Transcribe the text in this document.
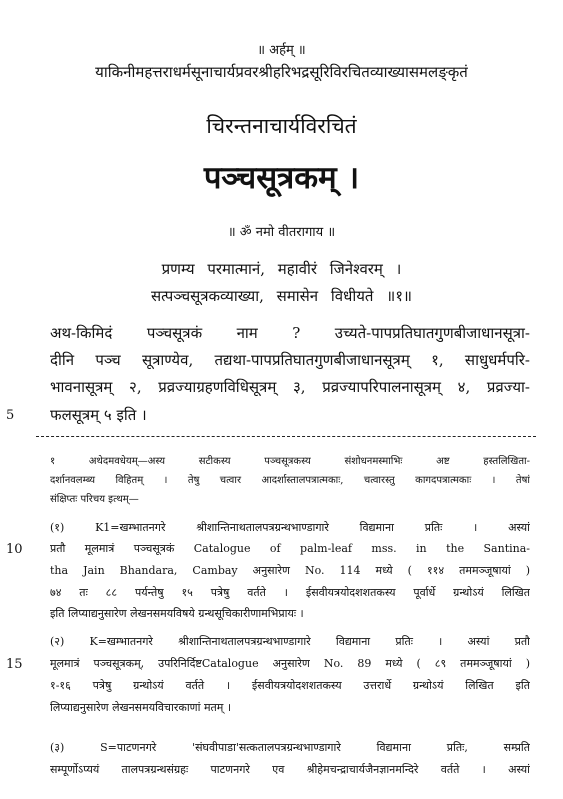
॥ अर्हम् ॥
याकिनीमहत्तराधर्मसूनाचार्यप्रवरश्रीहरिभद्रसूरिविरचितव्याख्यासमलङ्कृतं
चिरन्तनाचार्यविरचितं
पञ्चसूत्रकम् ।
॥ ॐ नमो वीतरागाय ॥
प्रणम्य परमात्मानं, महावीरं जिनेश्वरम् ।
सत्पञ्चसूत्रकव्याख्या, समासेन विधीयते ॥१॥
अथ-किमिदं पञ्चसूत्रकं नाम ? उच्यते-पापप्रतिघातगुणबीजाधानसूत्रा-
दीनि पञ्च सूत्राण्येव, तद्यथा-पापप्रतिघातगुणबीजाधानसूत्रम् १, साधुधर्मपरि-
भावनासूत्रम् २, प्रव्रज्याग्रहणविधिसूत्रम् ३, प्रव्रज्यापरिपालनासूत्रम् ४, प्रव्रज्या-
फलसूत्रम् ५ इति ।
5
१ अथेदमवधेयम्—अस्य सटीकस्य पञ्चसूत्रकस्य संशोधनमस्माभिः अष्ट हस्तलिखिता-
दर्शानवलम्ब्य विहितम् । तेषु चत्वार आदर्शास्तालपत्रात्मकाः, चत्वारस्तु कागदपत्रात्मकाः । तेषां
संक्षिप्तः परिचय इत्थम्—
(१) K1=खम्भातनगरे श्रीशान्तिनाथतालपत्रग्रन्थभाण्डागारे विद्यमाना प्रतिः । अस्यां
प्रतौ मूलमात्रं पञ्चसूत्रकं Catalogue of palm-leaf mss. in the Santina-
tha Jain Bhandara, Cambay अनुसारेण No. 114 मध्ये ( ११४ तममञ्जूषायां )
७४ तः ८८ पर्यन्तेषु १५ पत्रेषु वर्तते । ईसवीयत्रयोदशशतकस्य पूर्वार्धे ग्रन्थोऽयं लिखित
इति लिप्याद्यनुसारेण लेखनसमयविषये ग्रन्थसूचिकारीणामभिप्रायः ।
10
(२) K=खम्भातनगरे श्रीशान्तिनाथतालपत्रग्रन्थभाण्डागारे विद्यमाना प्रतिः । अस्यां प्रतौ
मूलमात्रं पञ्चसूत्रकम्, उपरिनिर्दिष्टCatalogue अनुसारेण No. 89 मध्ये ( ८९ तममञ्जूषायां )
१-१६ पत्रेषु ग्रन्थोऽयं वर्तते । ईसवीयत्रयोदशशतकस्य उत्तरार्धे ग्रन्थोऽयं लिखित इति
लिप्याद्यनुसारेण लेखनसमयविचारकाणां मतम् ।
15
(३) S=पाटणनगरे 'संघवीपाडा'सत्कतालपत्रग्रन्थभाण्डागारे विद्यमाना प्रतिः, सम्प्रति
सम्पूर्णोऽप्ययं तालपत्रग्रन्थसंग्रहः पाटणनगरे एव श्रीहेमचन्द्राचार्यजैनज्ञानमन्दिरे वर्तते । अस्यां
